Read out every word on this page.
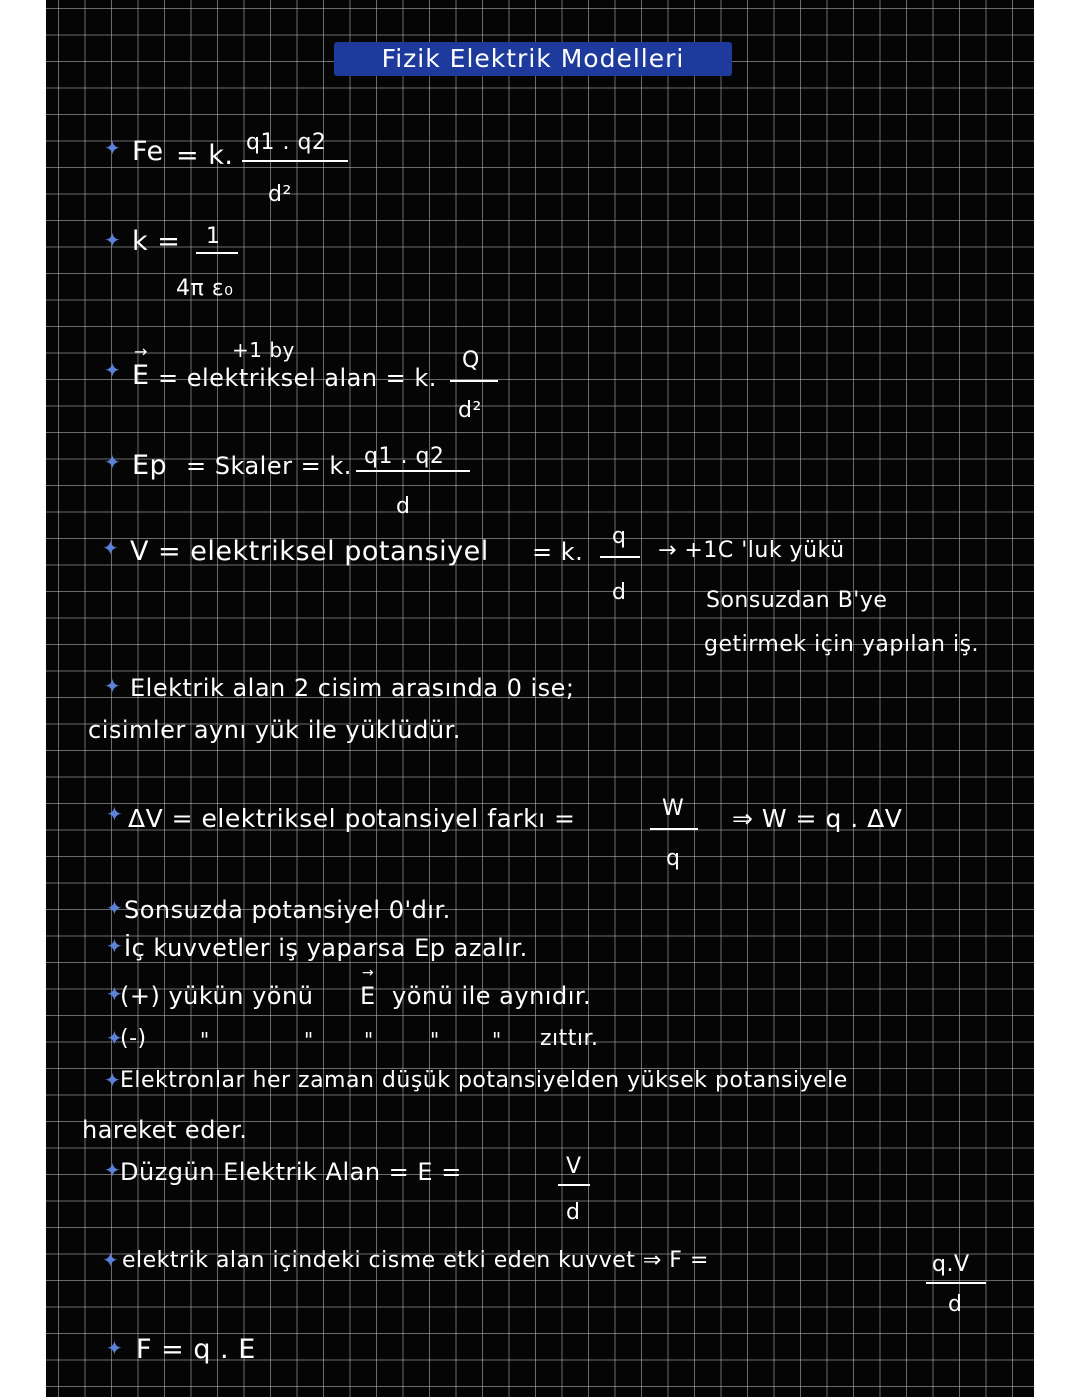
Fizik Elektrik Modelleri
✦ Fe = k. q1 . q2
d²
✦ k = 1
4π ε₀
+1 by
✦
→
E = elektriksel alan = k.
Q
d²
✦ Ep = Skaler = k. q1 . q2
d
✦ V = elektriksel potansiyel = k.
q
d
→ +1C 'luk yükü
Sonsuzdan B'ye
getirmek için yapılan iş.
✦ Elektrik alan 2 cisim arasında 0 ise;
cisimler aynı yük ile yüklüdür.
✦ ΔV = elektriksel potansiyel farkı =	W
q
⇒ W = q . ΔV
✦ Sonsuzda potansiyel 0'dır.
✦ İç kuvvetler iş yaparsa Ep azalır.
✦
(+) yükün yönü
→
E yönü ile aynıdır.
✦
(-)	"	"	"	"	" zıttır.
✦ Elektronlar her zaman düşük potansiyelden yüksek potansiyele
hareket eder.
✦ Düzgün Elektrik Alan = E =	V
d
✦ elektrik alan içindeki cisme etki eden kuvvet ⇒ F =	q.V
d
✦ F = q . E
